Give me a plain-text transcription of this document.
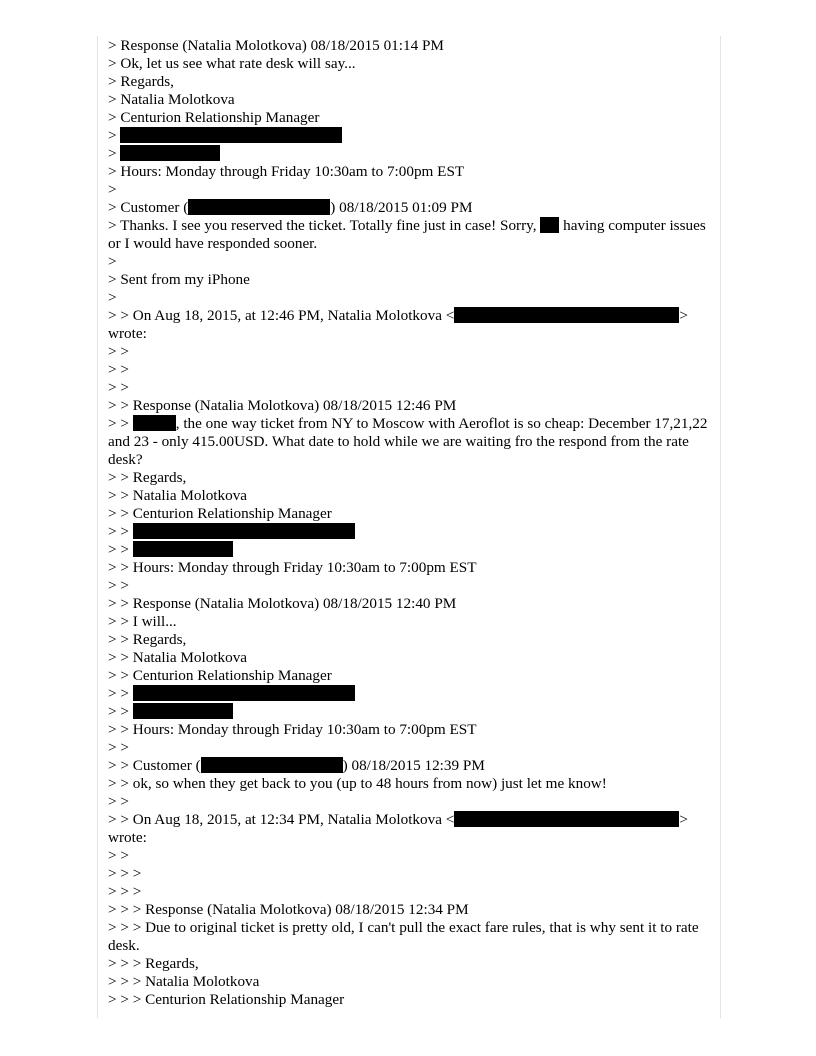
> Response (Natalia Molotkova) 08/18/2015 01:14 PM
> Ok, let us see what rate desk will say...
> Regards,
> Natalia Molotkova
> Centurion Relationship Manager
>
>
> Hours: Monday through Friday 10:30am to 7:00pm EST
>
> Customer (	) 08/18/2015 01:09 PM
> Thanks. I see you reserved the ticket. Totally fine just in case! Sorry,  having computer issues or I would have responded sooner.
>
> Sent from my iPhone
>
> > On Aug 18, 2015, at 12:46 PM, Natalia Molotkova <	> wrote:
> >
> >
> >
> > Response (Natalia Molotkova) 08/18/2015 12:46 PM
> >	, the one way ticket from NY to Moscow with Aeroflot is so cheap: December 17,21,22 and 23 - only 415.00USD. What date to hold while we are waiting fro the respond from the rate desk?
> > Regards,
> > Natalia Molotkova
> > Centurion Relationship Manager
> >
> >
> > Hours: Monday through Friday 10:30am to 7:00pm EST
> >
> > Response (Natalia Molotkova) 08/18/2015 12:40 PM
> > I will...
> > Regards,
> > Natalia Molotkova
> > Centurion Relationship Manager
> >
> >
> > Hours: Monday through Friday 10:30am to 7:00pm EST
> >
> > Customer (	) 08/18/2015 12:39 PM
> > ok, so when they get back to you (up to 48 hours from now) just let me know!
> >
> > On Aug 18, 2015, at 12:34 PM, Natalia Molotkova <	> wrote:
> >
> > >
> > >
> > > Response (Natalia Molotkova) 08/18/2015 12:34 PM
> > > Due to original ticket is pretty old, I can't pull the exact fare rules, that is why sent it to rate desk.
> > > Regards,
> > > Natalia Molotkova
> > > Centurion Relationship Manager
